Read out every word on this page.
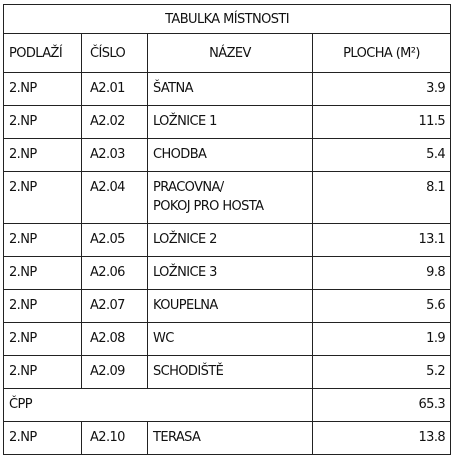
TABULKA MÍSTNOSTI			
PODLAŽÍ	ČÍSLO	NÁZEV	PLOCHA (M²)
2.NP	A2.01	ŠATNA	3.9
2.NP	A2.02	LOŽNICE 1	11.5
2.NP	A2.03	CHODBA	5.4
2.NP	A2.04	PRACOVNA/
POKOJ PRO HOSTA	8.1
2.NP	A2.05	LOŽNICE 2	13.1
2.NP	A2.06	LOŽNICE 3	9.8
2.NP	A2.07	KOUPELNA	5.6
2.NP	A2.08	WC	1.9
2.NP	A2.09	SCHODIŠTĚ	5.2
ČPP			65.3
2.NP	A2.10	TERASA	13.8
